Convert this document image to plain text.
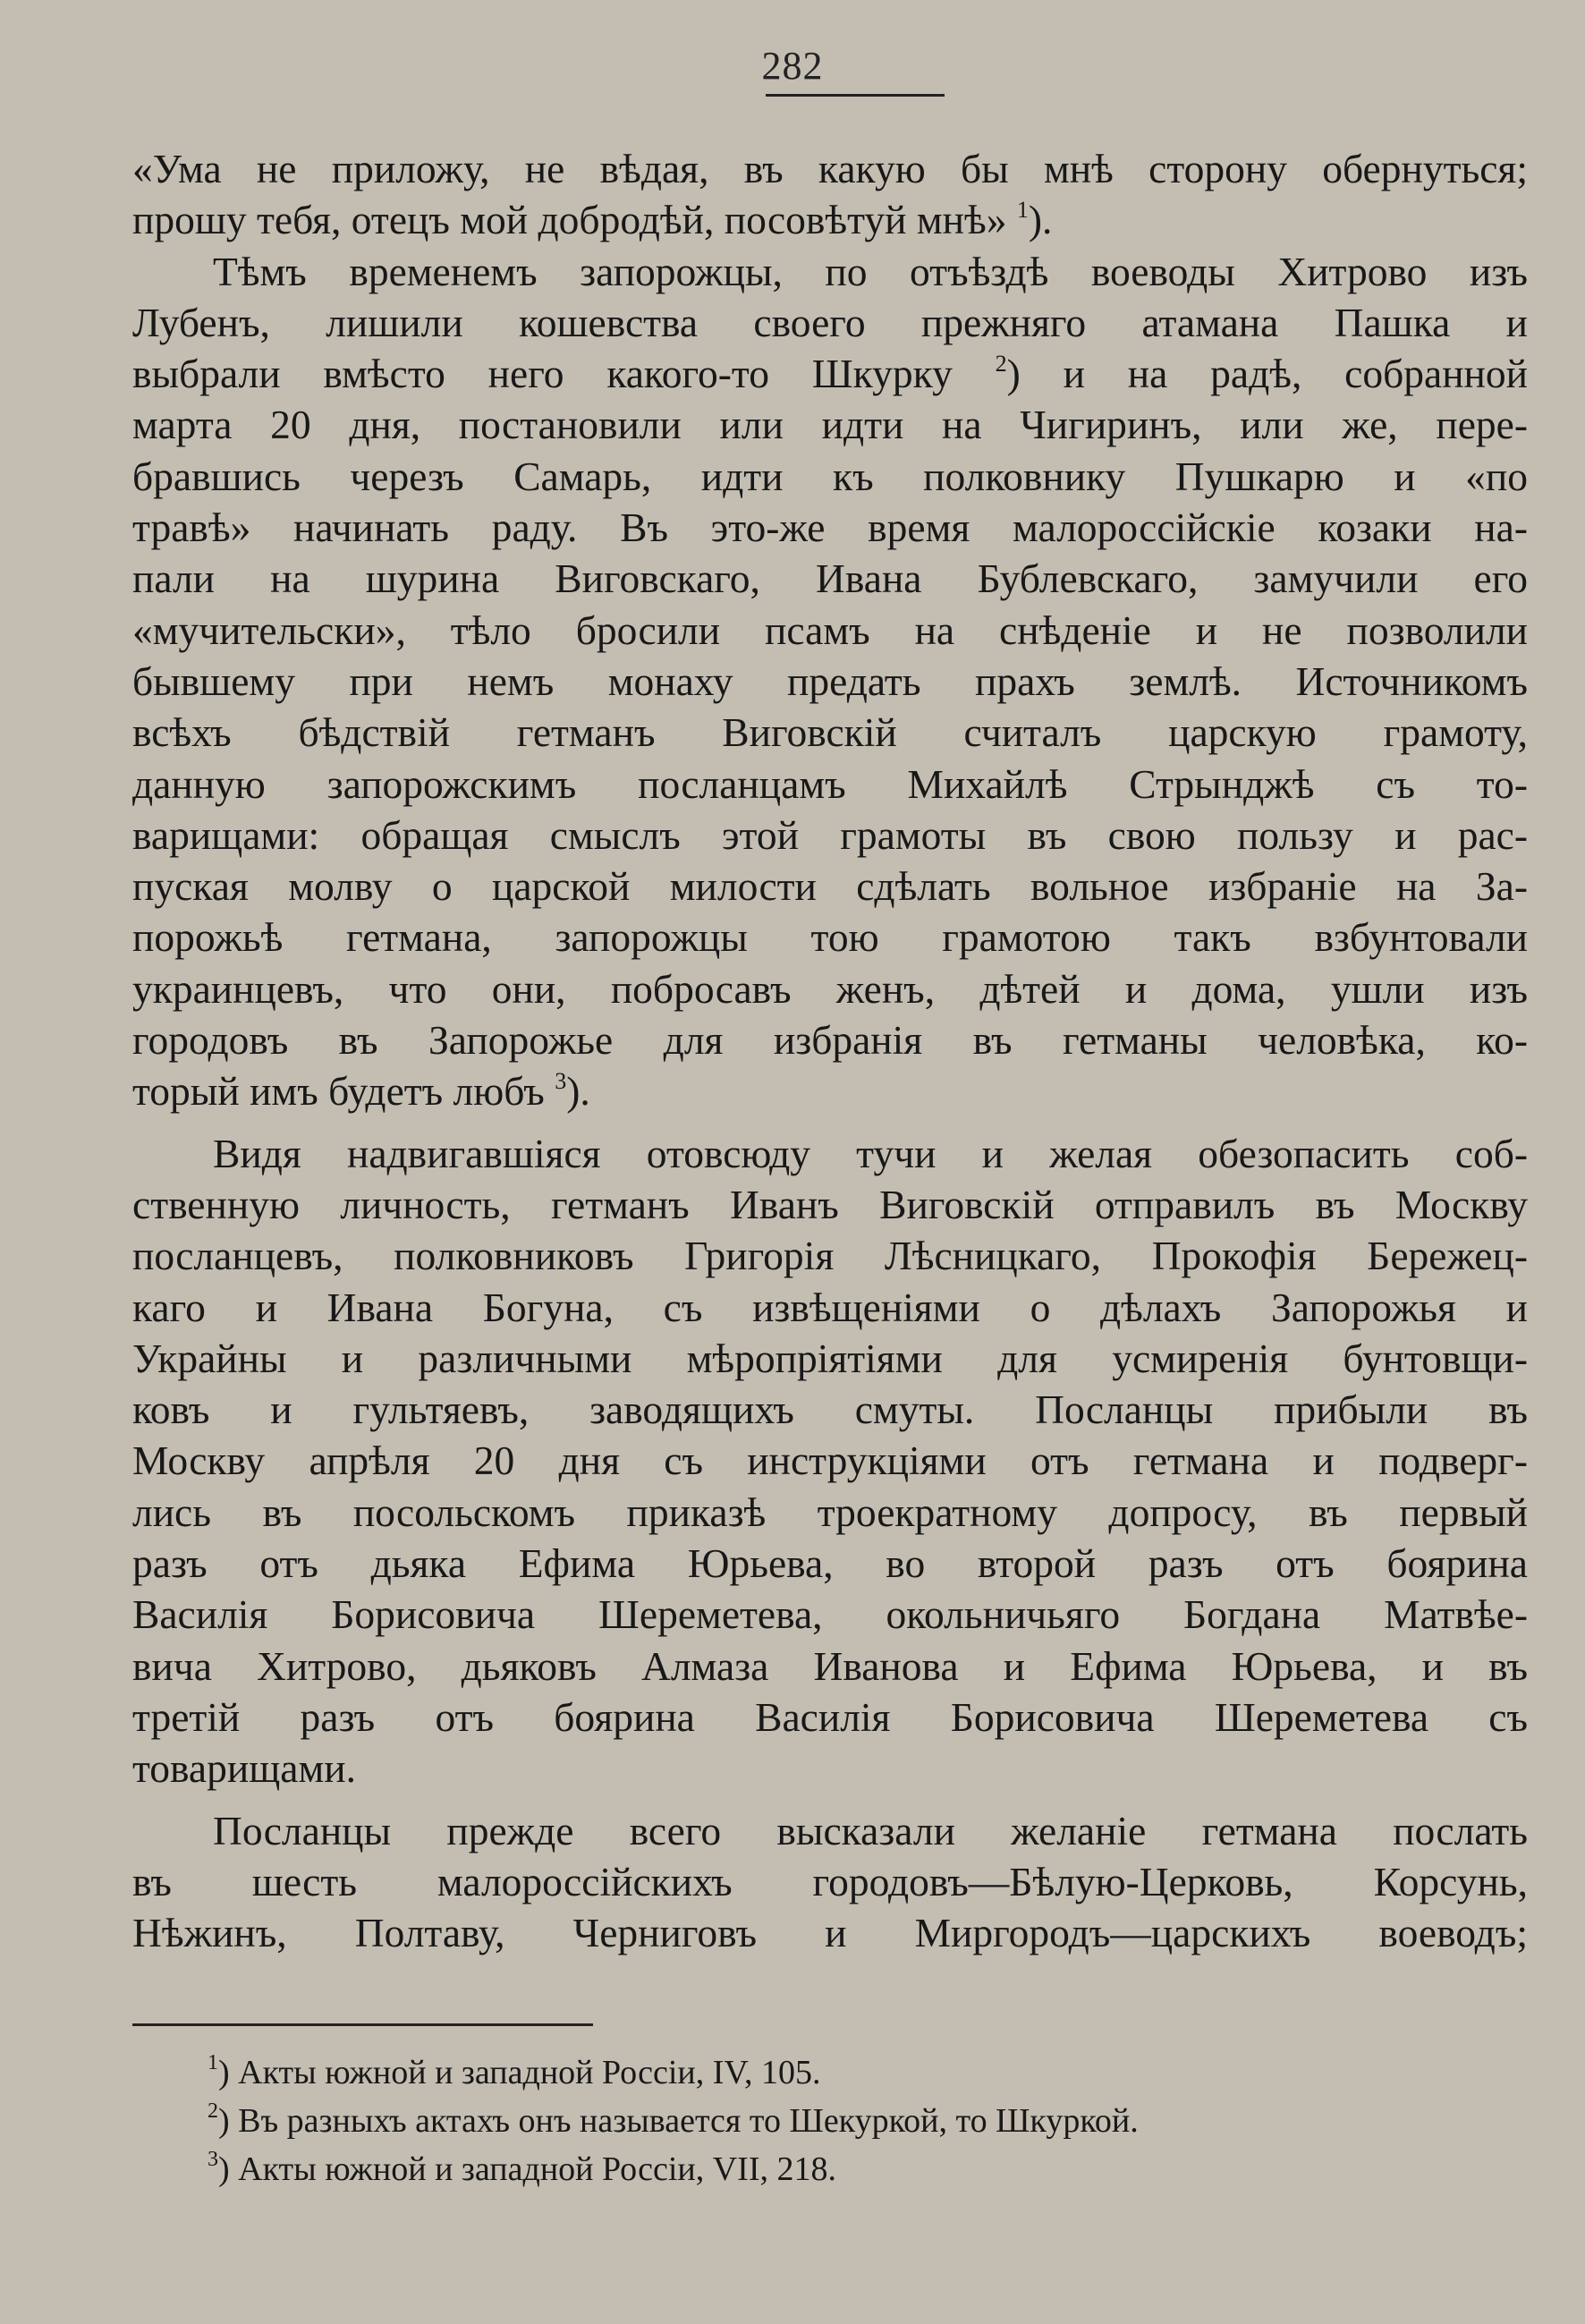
282
«Ума не приложу, не вѣдая, въ какую бы мнѣ сторону обернуться;
прошу тебя, отецъ мой добродѣй, посовѣтуй мнѣ» $^1$).
Тѣмъ временемъ запорожцы, по отъѣздѣ воеводы Хитрово изъ
Лубенъ, лишили кошевства своего прежняго атамана Пашка и
выбрали вмѣсто него какого-то Шкурку $^2$) и на радѣ, собранной
марта 20 дня, постановили или идти на Чигиринъ, или же, пере-
бравшись черезъ Самарь, идти къ полковнику Пушкарю и «по
травѣ» начинать раду. Въ это-же время малороссійскіе козаки на-
пали на шурина Виговскаго, Ивана Бублевскаго, замучили его
«мучительски», тѣло бросили псамъ на снѣденіе и не позволили
бывшему при немъ монаху предать прахъ землѣ. Источникомъ
всѣхъ бѣдствій гетманъ Виговскій считалъ царскую грамоту,
данную запорожскимъ посланцамъ Михайлѣ Стрынджѣ съ то-
варищами: обращая смыслъ этой грамоты въ свою пользу и рас-
пуская молву о царской милости сдѣлать вольное избраніе на За-
порожьѣ гетмана, запорожцы тою грамотою такъ взбунтовали
украинцевъ, что они, побросавъ женъ, дѣтей и дома, ушли изъ
городовъ въ Запорожье для избранія въ гетманы человѣка, ко-
торый имъ будетъ любъ $^3$).
Видя надвигавшіяся отовсюду тучи и желая обезопасить соб-
ственную личность, гетманъ Иванъ Виговскій отправилъ въ Москву
посланцевъ, полковниковъ Григорія Лѣсницкаго, Прокофія Бережец-
каго и Ивана Богуна, съ извѣщеніями о дѣлахъ Запорожья и
Украйны и различными мѣропріятіями для усмиренія бунтовщи-
ковъ и гультяевъ, заводящихъ смуты. Посланцы прибыли въ
Москву апрѣля 20 дня съ инструкціями отъ гетмана и подверг-
лись въ посольскомъ приказѣ троекратному допросу, въ первый
разъ отъ дьяка Ефима Юрьева, во второй разъ отъ боярина
Василія Борисовича Шереметева, окольничьяго Богдана Матвѣе-
вича Хитрово, дьяковъ Алмаза Иванова и Ефима Юрьева, и въ
третій разъ отъ боярина Василія Борисовича Шереметева съ
товарищами.
Посланцы прежде всего высказали желаніе гетмана послать
въ шесть малороссійскихъ городовъ—Бѣлую-Церковь, Корсунь,
Нѣжинъ, Полтаву, Черниговъ и Миргородъ—царскихъ воеводъ;
$^1$) Акты южной и западной Россіи, IV, 105.
$^2$) Въ разныхъ актахъ онъ называется то Шекуркой, то Шкуркой.
$^3$) Акты южной и западной Россіи, VII, 218.
